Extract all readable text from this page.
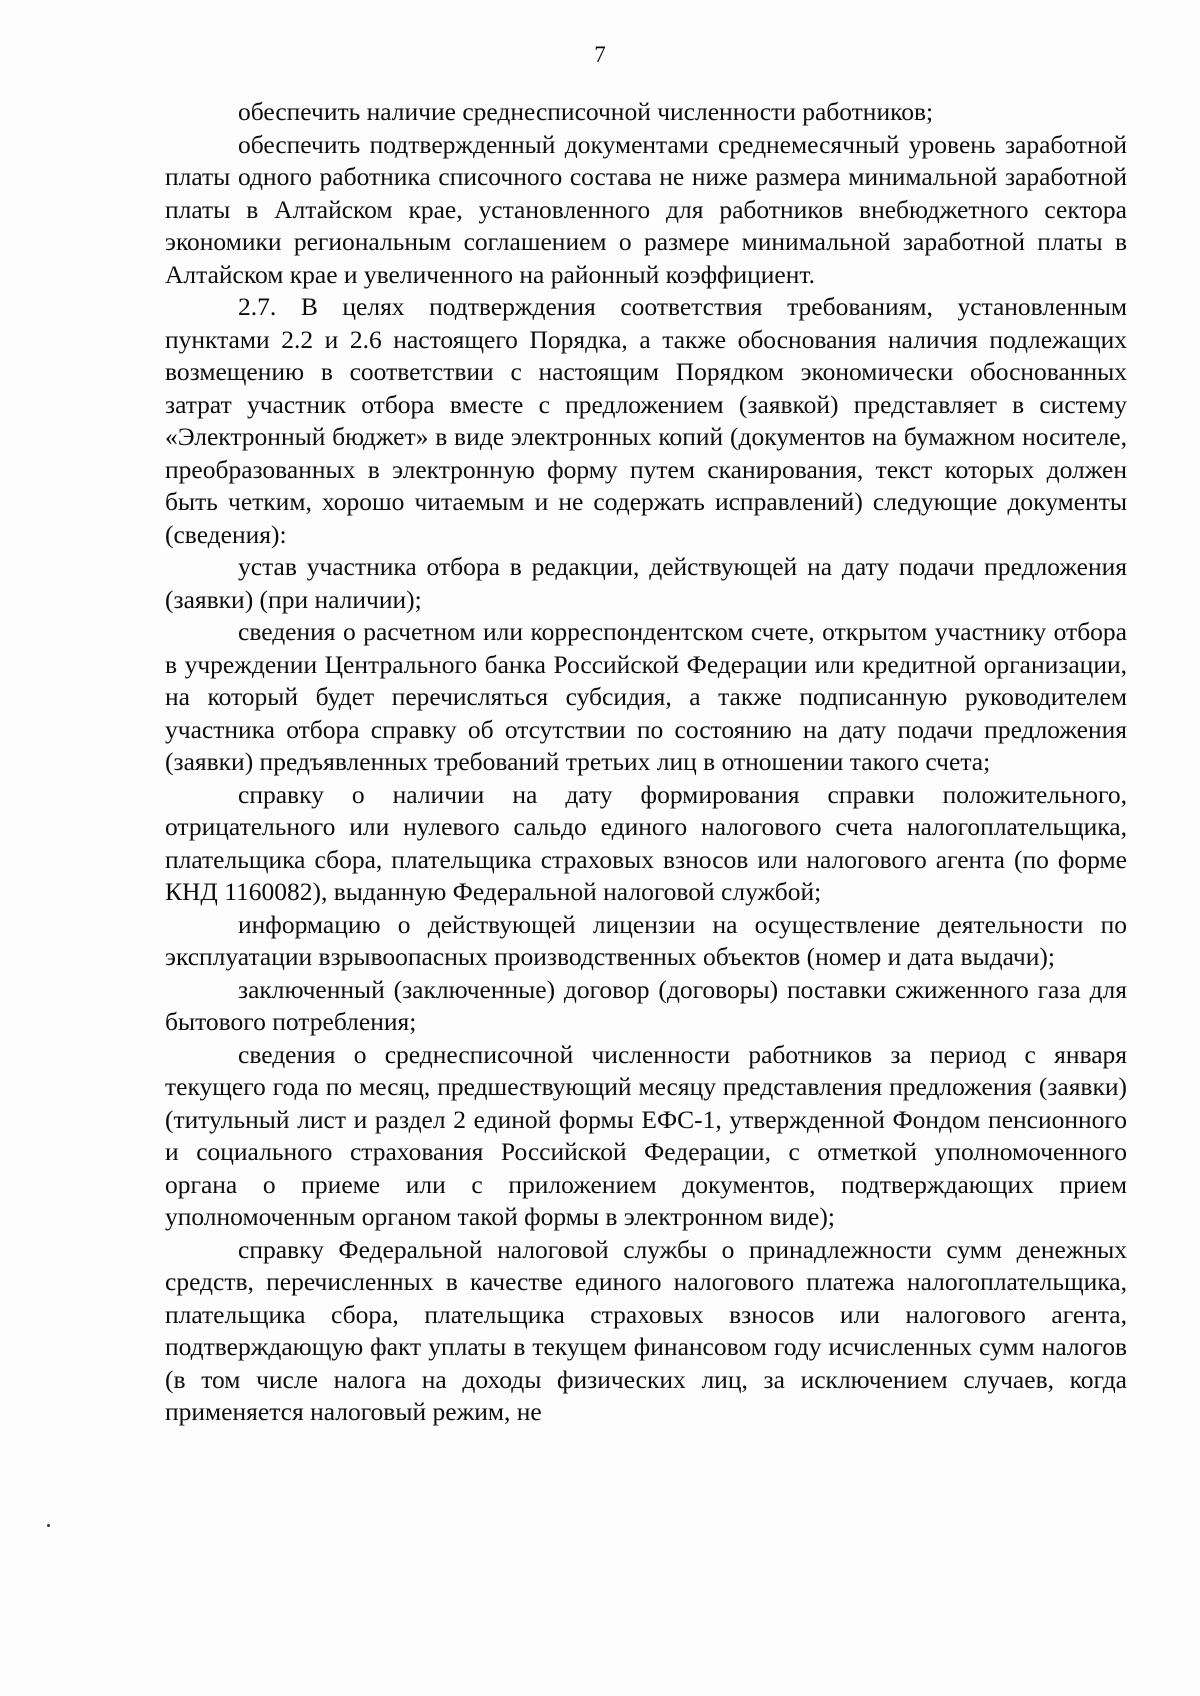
7

обеспечить наличие среднесписочной численности работников;

обеспечить подтвержденный документами среднемесячный уровень заработной платы одного работника списочного состава не ниже размера минимальной заработной платы в Алтайском крае, установленного для работников внебюджетного сектора экономики региональным соглашением о размере минимальной заработной платы в Алтайском крае и увеличенного на районный коэффициент.

2.7. В целях подтверждения соответствия требованиям, установленным пунктами 2.2 и 2.6 настоящего Порядка, а также обоснования наличия подлежащих возмещению в соответствии с настоящим Порядком экономически обоснованных затрат участник отбора вместе с предложением (заявкой) представляет в систему «Электронный бюджет» в виде электронных копий (документов на бумажном носителе, преобразованных в электронную форму путем сканирования, текст которых должен быть четким, хорошо читаемым и не содержать исправлений) следующие документы (сведения):

устав участника отбора в редакции, действующей на дату подачи предложения (заявки) (при наличии);

сведения о расчетном или корреспондентском счете, открытом участнику отбора в учреждении Центрального банка Российской Федерации или кредитной организации, на который будет перечисляться субсидия, а также подписанную руководителем участника отбора справку об отсутствии по состоянию на дату подачи предложения (заявки) предъявленных требований третьих лиц в отношении такого счета;

справку о наличии на дату формирования справки положительного, отрицательного или нулевого сальдо единого налогового счета налогоплательщика, плательщика сбора, плательщика страховых взносов или налогового агента (по форме КНД 1160082), выданную Федеральной налоговой службой;

информацию о действующей лицензии на осуществление деятельности по эксплуатации взрывоопасных производственных объектов (номер и дата выдачи);

заключенный (заключенные) договор (договоры) поставки сжиженного газа для бытового потребления;

сведения о среднесписочной численности работников за период с января текущего года по месяц, предшествующий месяцу представления предложения (заявки) (титульный лист и раздел 2 единой формы ЕФС-1, утвержденной Фондом пенсионного и социального страхования Российской Федерации, с отметкой уполномоченного органа о приеме или с приложением документов, подтверждающих прием уполномоченным органом такой формы в электронном виде);

справку Федеральной налоговой службы о принадлежности сумм денежных средств, перечисленных в качестве единого налогового платежа налогоплательщика, плательщика сбора, плательщика страховых взносов или налогового агента, подтверждающую факт уплаты в текущем финансовом году исчисленных сумм налогов (в том числе налога на доходы физических лиц, за исключением случаев, когда применяется налоговый режим, не
